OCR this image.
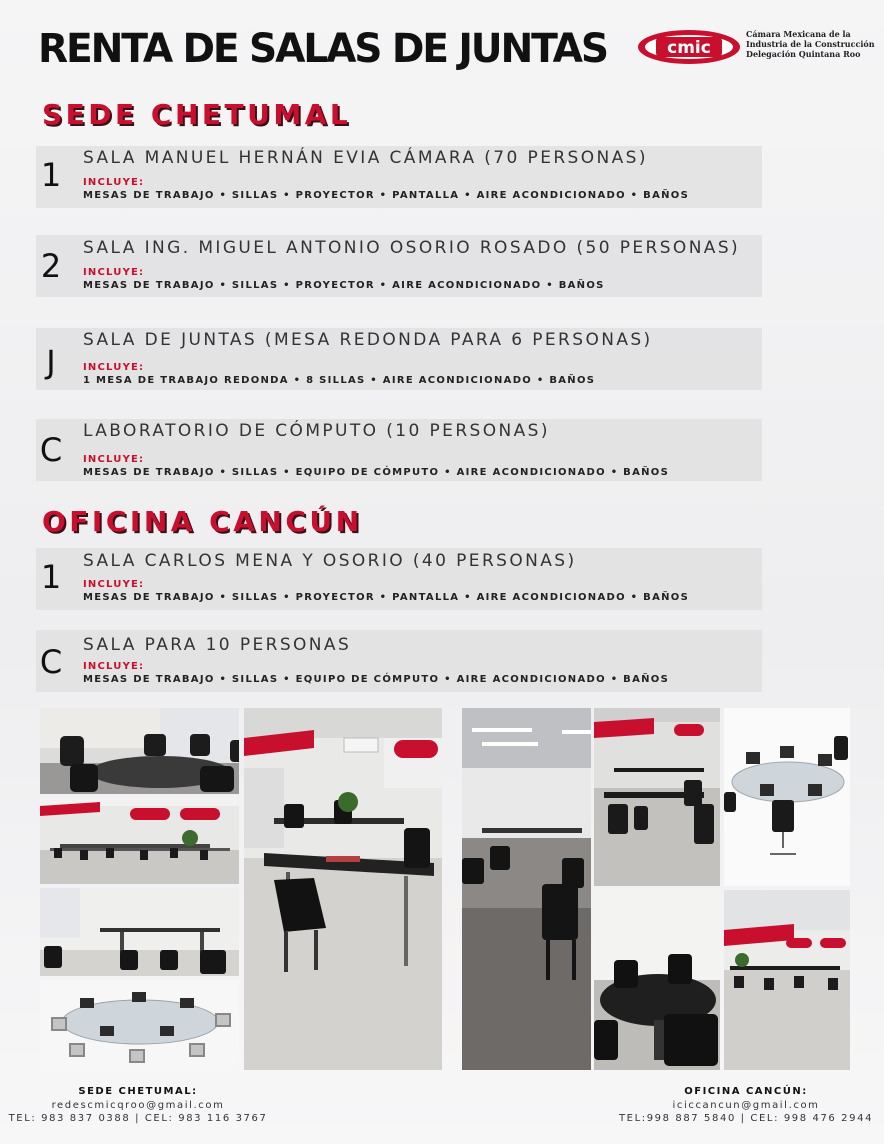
RENTA DE SALAS DE JUNTAS	cmic
Cámara Mexicana de la
Industria de la Construcción
Delegación Quintana Roo
SEDE CHETUMAL
1 SALA MANUEL HERNÁN EVIA CÁMARA (70 PERSONAS)
INCLUYE:
MESAS DE TRABAJO • SILLAS • PROYECTOR • PANTALLA • AIRE ACONDICIONADO • BAÑOS
2 SALA ING. MIGUEL ANTONIO OSORIO ROSADO (50 PERSONAS)
INCLUYE:
MESAS DE TRABAJO • SILLAS • PROYECTOR • AIRE ACONDICIONADO • BAÑOS
J
SALA DE JUNTAS (MESA REDONDA PARA 6 PERSONAS)
INCLUYE:
1 MESA DE TRABAJO REDONDA • 8 SILLAS • AIRE ACONDICIONADO • BAÑOS
C LABORATORIO DE CÓMPUTO (10 PERSONAS)
INCLUYE:
MESAS DE TRABAJO • SILLAS • EQUIPO DE CÓMPUTO • AIRE ACONDICIONADO • BAÑOS
OFICINA CANCÚN
1 SALA CARLOS MENA Y OSORIO (40 PERSONAS)
INCLUYE:
MESAS DE TRABAJO • SILLAS • PROYECTOR • PANTALLA • AIRE ACONDICIONADO • BAÑOS
C SALA PARA 10 PERSONAS
INCLUYE:
MESAS DE TRABAJO • SILLAS • EQUIPO DE CÓMPUTO • AIRE ACONDICIONADO • BAÑOS
SEDE CHETUMAL:
redescmicqroo@gmail.com
TEL: 983 837 0388 | CEL: 983 116 3767
OFICINA CANCÚN:
iciccancun@gmail.com
TEL:998 887 5840 | CEL: 998 476 2944
